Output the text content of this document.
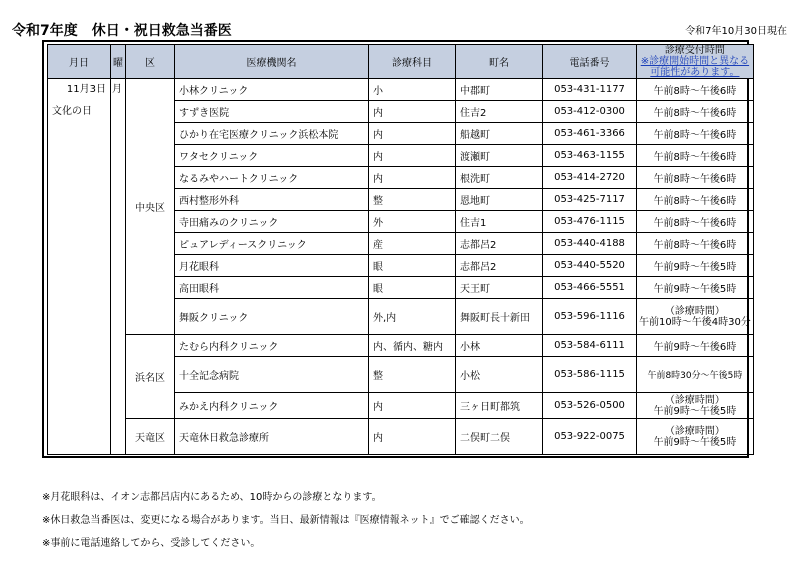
令和7年度　休日・祝日救急当番医	令和7年10月30日現在
月日	曜	区	医療機関名	診療科目	町名	電話番号	診療受付時間
※診療開始時間と異なる
可能性があります。

11月3日
文化の日	月	中央区	小林クリニック	小	中郡町	053-431-1177	午前8時～午後6時
			すずき医院	内	住吉2	053-412-0300	午前8時～午後6時
			ひかり在宅医療クリニック浜松本院	内	船越町	053-461-3366	午前8時～午後6時
			ワタセクリニック	内	渡瀬町	053-463-1155	午前8時～午後6時
			なるみやハートクリニック	内	根洗町	053-414-2720	午前8時～午後6時
			西村整形外科	整	恩地町	053-425-7117	午前8時～午後6時
			寺田痛みのクリニック	外	住吉1	053-476-1115	午前8時～午後6時
			ピュアレディースクリニック	産	志都呂2	053-440-4188	午前8時～午後6時
			月花眼科	眼	志都呂2	053-440-5520	午前9時～午後5時
			高田眼科	眼	天王町	053-466-5551	午前9時～午後5時
			舞阪クリニック	外,内	舞阪町長十新田	053-596-1116	（診療時間）
午前10時～午後4時30分

		浜名区	たむら内科クリニック	内、循内、糖内	小林	053-584-6111	午前9時～午後6時
			十全記念病院	整	小松	053-586-1115	午前8時30分～午後5時
			みかえ内科クリニック	内	三ヶ日町都筑	053-526-0500	（診療時間）
午前9時～午後5時

		天竜区	天竜休日救急診療所	内	二俣町二俣	053-922-0075	（診療時間）
午前9時～午後5時
※月花眼科は、イオン志都呂店内にあるため、10時からの診療となります。
※休日救急当番医は、変更になる場合があります。当日、最新情報は『医療情報ネット』でご確認ください。
※事前に電話連絡してから、受診してください。
